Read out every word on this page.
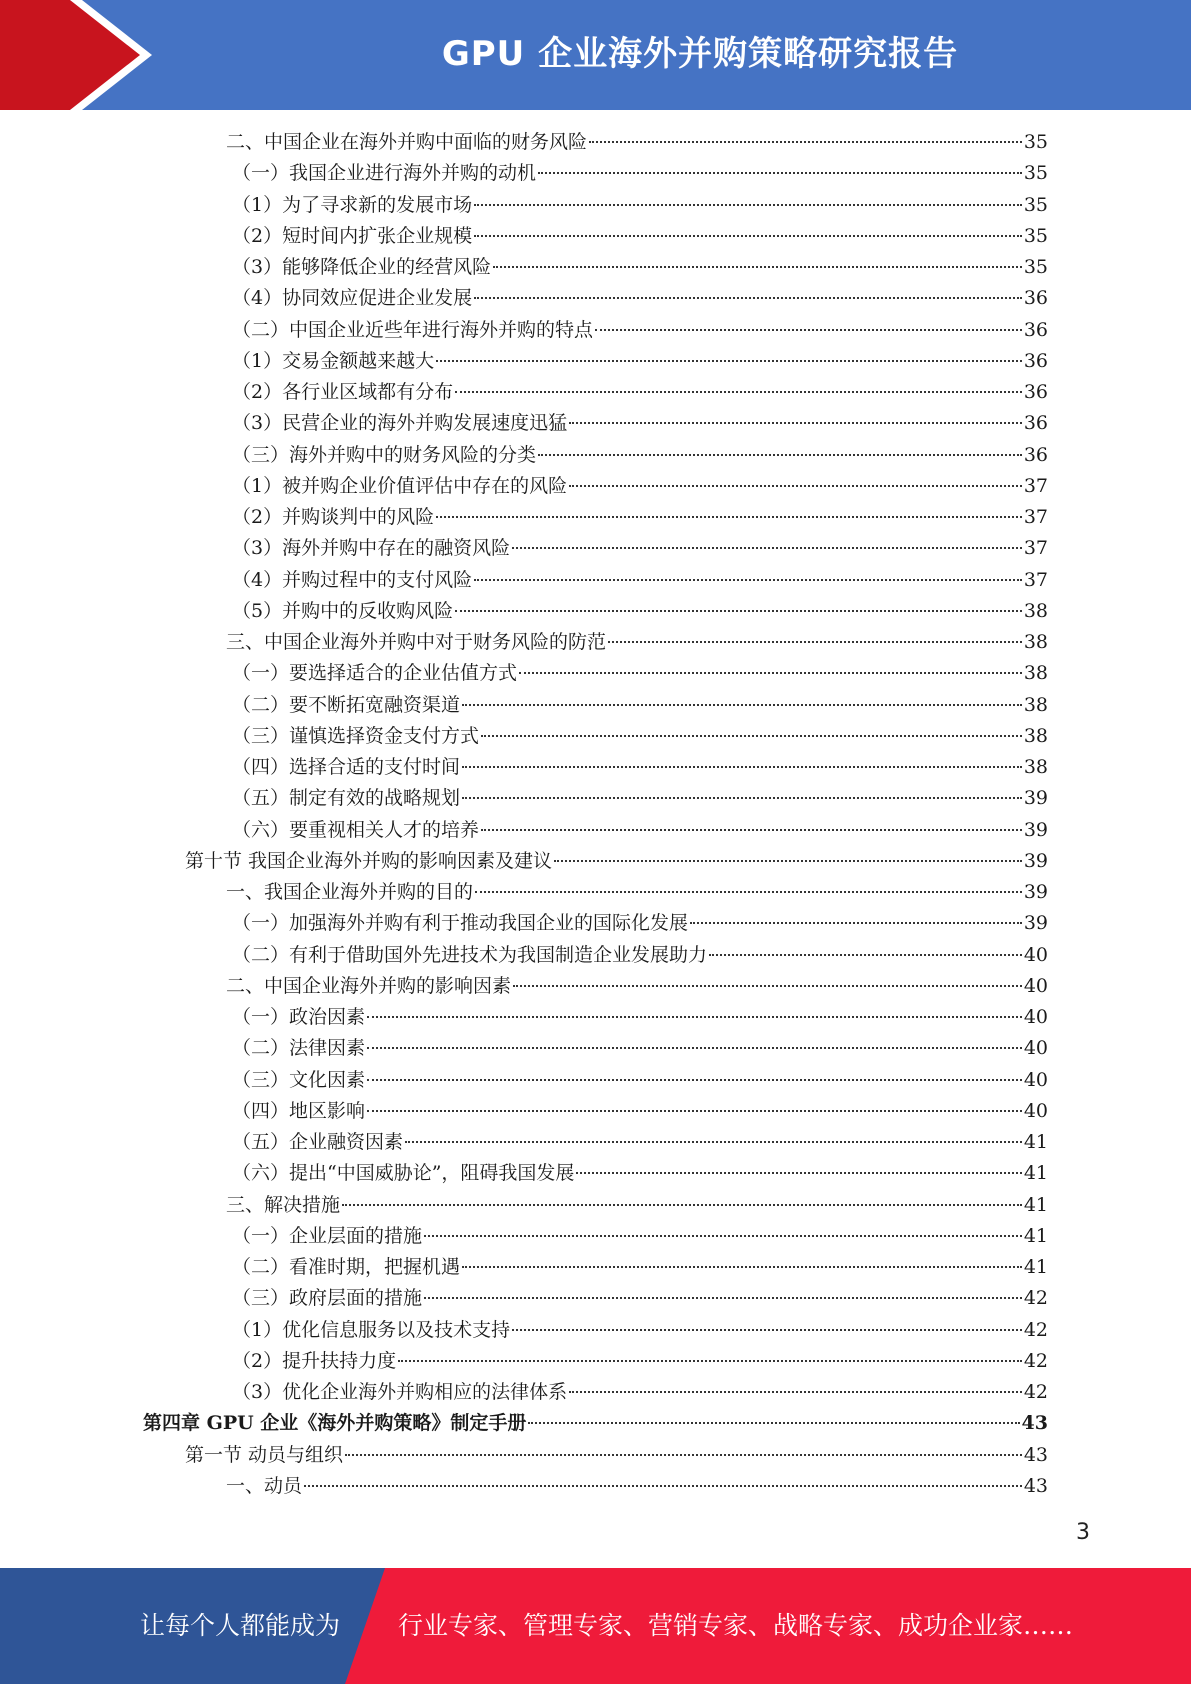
GPU 企业海外并购策略研究报告
二、中国企业在海外并购中面临的财务风险	35
（一）我国企业进行海外并购的动机	35
（1）为了寻求新的发展市场	35
（2）短时间内扩张企业规模	35
（3）能够降低企业的经营风险	35
（4）协同效应促进企业发展	36
（二）中国企业近些年进行海外并购的特点	36
（1）交易金额越来越大	36
（2）各行业区域都有分布	36
（3）民营企业的海外并购发展速度迅猛	36
（三）海外并购中的财务风险的分类	36
（1）被并购企业价值评估中存在的风险	37
（2）并购谈判中的风险	37
（3）海外并购中存在的融资风险	37
（4）并购过程中的支付风险	37
（5）并购中的反收购风险	38
三、中国企业海外并购中对于财务风险的防范	38
（一）要选择适合的企业估值方式	38
（二）要不断拓宽融资渠道	38
（三）谨慎选择资金支付方式	38
（四）选择合适的支付时间	38
（五）制定有效的战略规划	39
（六）要重视相关人才的培养	39
第十节 我国企业海外并购的影响因素及建议	39
一、我国企业海外并购的目的	39
（一）加强海外并购有利于推动我国企业的国际化发展	39
（二）有利于借助国外先进技术为我国制造企业发展助力	40
二、中国企业海外并购的影响因素	40
（一）政治因素	40
（二）法律因素	40
（三）文化因素	40
（四）地区影响	40
（五）企业融资因素	41
（六）提出“中国威胁论”，阻碍我国发展	41
三、解决措施	41
（一）企业层面的措施	41
（二）看准时期，把握机遇	41
（三）政府层面的措施	42
（1）优化信息服务以及技术支持	42
（2）提升扶持力度	42
（3）优化企业海外并购相应的法律体系	42
第四章 GPU 企业《海外并购策略》制定手册	43
第一节 动员与组织	43
一、动员	43
3
让每个人都能成为 行业专家、管理专家、营销专家、战略专家、成功企业家……
